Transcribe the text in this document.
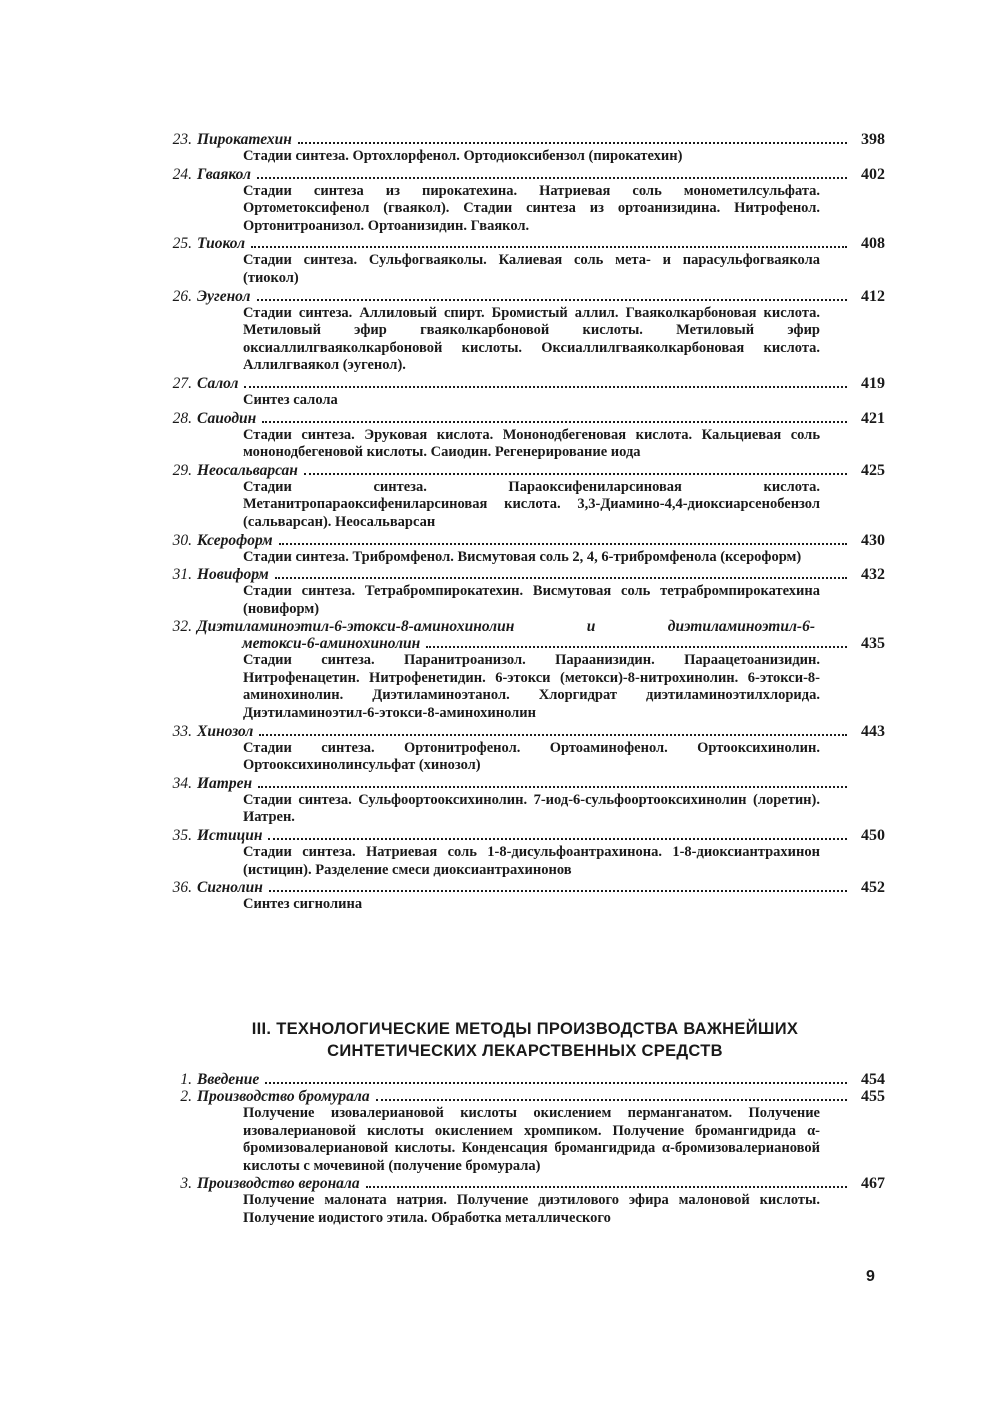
23. Пирокатехин	398
Стадии синтеза. Ортохлорфенол. Ортодиоксибензол (пирокатехин)
24. Гваякол	402
Стадии синтеза из пирокатехина. Натриевая соль монометилсульфата. Ортометоксифенол (гваякол). Стадии синтеза из ортоанизидина. Нитрофенол. Ортонитроанизол. Ортоанизидин. Гваякол.
25. Тиокол	408
Стадии синтеза. Сульфогваяколы. Калиевая соль мета- и парасульфогваякола (тиокол)
26. Эугенол	412
Стадии синтеза. Аллиловый спирт. Бромистый аллил. Гваяколкарбоновая кислота. Метиловый эфир гваяколкарбоновой кислоты. Метиловый эфир оксиаллилгваяколкарбоновой кислоты. Оксиаллилгваяколкарбоновая кислота. Аллилгваякол (эугенол).
27. Салол	419
Синтез салола
28. Саиодин	421
Стадии синтеза. Эруковая кислота. Мононодбегеновая кислота. Кальциевая соль мононодбегеновой кислоты. Саиодин. Регенерирование иода
29. Неосальварсан	425
Стадии синтеза. Параоксифениларсиновая кислота. Метанитропараоксифениларсиновая кислота. 3,3-Диамино-4,4-диоксиарсенобензол (сальварсан). Неосальварсан
30. Ксероформ	430
Стадии синтеза. Трибромфенол. Висмутовая соль 2, 4, 6-трибромфенола (ксероформ)
31. Новиформ	432
Стадии синтеза. Тетрабромпирокатехин. Висмутовая соль тетрабромпирокатехина (новиформ)
32. Диэтиламиноэтил-6-этокси-8-аминохинолин и диэтиламиноэтил-6-
метокси-6-аминохинолин	435
Стадии синтеза. Паранитроанизол. Параанизидин. Парaацетоанизидин. Нитрофенацетин. Нитрофенетидин. 6-этокси (метокси)-8-нитрохинолин. 6-этокси-8-аминохинолин. Диэтиламиноэтанол. Хлоргидрат диэтиламиноэтилхлорида. Диэтиламиноэтил-6-этокси-8-аминохинолин
33. Хинозол	443
Стадии синтеза. Ортонитрофенол. Ортоаминофенол. Ортооксихинолин. Ортооксихинолинсульфат (хинозол)
34. Иатрен
Стадии синтеза. Сульфоортооксихинолин. 7-иод-6-сульфоортооксихинолин (лоретин). Иатрен.
35. Истицин	450
Стадии синтеза. Натриевая соль 1-8-дисульфоантрахинона. 1-8-диоксиантрахинон (истицин). Разделение смеси диоксиантрахинонов
36. Сигнолин	452
Синтез сигнолина
III. ТЕХНОЛОГИЧЕСКИЕ МЕТОДЫ ПРОИЗВОДСТВА ВАЖНЕЙШИХ СИНТЕТИЧЕСКИХ ЛЕКАРСТВЕННЫХ СРЕДСТВ
1. Введение	454
2. Производство бромурала	455
Получение изовалериановой кислоты окислением перманганатом. Получение изовалериановой кислоты окислением хромпиком. Получение бромангидрида α-бромизовалериановой кислоты. Конденсация бромангидрида α-бромизовалериановой кислоты с мочевиной (получение бромурала)
3. Производство веронала	467
Получение малоната натрия. Получение диэтилового эфира малоновой кислоты. Получение иодистого этила. Обработка металлического
9
